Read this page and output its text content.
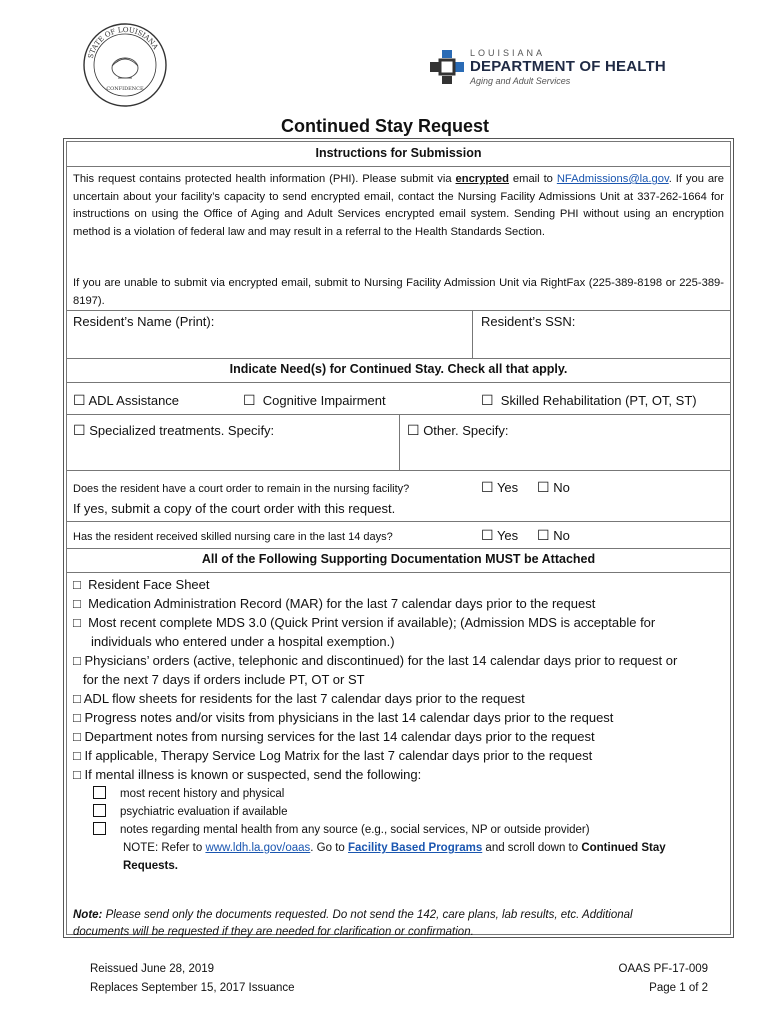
STATE OF LOUISIANA
CONFIDENCE
LOUISIANA
DEPARTMENT OF HEALTH
Aging and Adult Services
Continued Stay Request
Instructions for Submission
This request contains protected health information (PHI). Please submit via encrypted email to NFAdmissions@la.gov. If you are uncertain about your facility’s capacity to send encrypted email, contact the Nursing Facility Admissions Unit at 337-262-1664 for instructions on using the Office of Aging and Adult Services encrypted email system. Sending PHI without using an encryption method is a violation of federal law and may result in a referral to the Health Standards Section.
If you are unable to submit via encrypted email, submit to Nursing Facility Admission Unit via RightFax (225-389-8198 or 225-389-8197).
Resident’s Name (Print):	Resident’s SSN:
Indicate Need(s) for Continued Stay. Check all that apply.
☐ ADL Assistance	☐ Cognitive Impairment	☐ Skilled Rehabilitation (PT, OT, ST)
☐ Specialized treatments. Specify:	☐ Other. Specify:
Does the resident have a court order to remain in the nursing facility?	☐ Yes ☐ No
If yes, submit a copy of the court order with this request.
Has the resident received skilled nursing care in the last 14 days?	☐ Yes ☐ No
All of the Following Supporting Documentation MUST be Attached
□ Resident Face Sheet
□ Medication Administration Record (MAR) for the last 7 calendar days prior to the request
□ Most recent complete MDS 3.0 (Quick Print version if available); (Admission MDS is acceptable for
individuals who entered under a hospital exemption.)
□ Physicians’ orders (active, telephonic and discontinued) for the last 14 calendar days prior to request or
for the next 7 days if orders include PT, OT or ST
□ ADL flow sheets for residents for the last 7 calendar days prior to the request
□ Progress notes and/or visits from physicians in the last 14 calendar days prior to the request
□ Department notes from nursing services for the last 14 calendar days prior to the request
□ If applicable, Therapy Service Log Matrix for the last 7 calendar days prior to the request
□ If mental illness is known or suspected, send the following:
most recent history and physical
psychiatric evaluation if available
notes regarding mental health from any source (e.g., social services, NP or outside provider)
NOTE: Refer to www.ldh.la.gov/oaas. Go to Facility Based Programs and scroll down to Continued Stay
Requests.
Note: Please send only the documents requested. Do not send the 142, care plans, lab results, etc. Additional
documents will be requested if they are needed for clarification or confirmation.
Reissued June 28, 2019
Replaces September 15, 2017 Issuance
OAAS PF-17-009
Page 1 of 2
